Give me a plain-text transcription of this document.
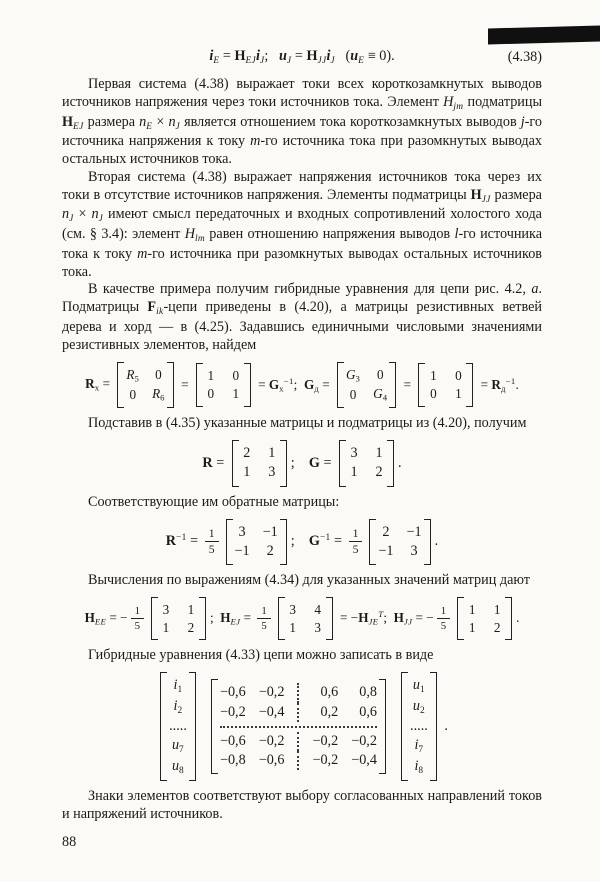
(4.38)
iE = HEJiJ;   uJ = HJJiJ   (uE ≡ 0).

Первая система (4.38) выражает токи всех короткозамкнутых выводов источников напряжения через токи источников тока. Элемент Hjm подматрицы HEJ размера nE × nJ является отношением тока короткозамкнутых выводов j-го источника напряжения к току m-го источника тока при разомкнутых выводах остальных источников тока.

Вторая система (4.38) выражает напряжения источников тока через их токи в отсутствие источников напряжения. Элементы подматрицы HJJ размера nJ × nJ имеют смысл передаточных и входных сопротивлений холостого хода (см. § 3.4): элемент Hlm равен отношению напряжения выводов l-го источника тока к току m-го источника при разомкнутых выводах остальных источников тока.

В качестве примера получим гибридные уравнения для цепи рис. 4.2, а. Подматрицы Fik-цепи приведены в (4.20), а матрицы резистивных ветвей дерева и хорд — в (4.25). Задавшись единичными числовыми значениями резистивных элементов, найдем

Rх =
R5 0
0 R6
=
1 0
0 1
= $Gх^{-1}$;  Gд =
G3 0
0 G4
=
1 0
0 1
= $Rд^{-1}$.

Подставив в (4.35) указанные матрицы и подматрицы из (4.20), получим

R =
2 1
1 3
;    G =
3 1
1 2
.

Соответствующие им обратные матрицы:

$R^{-1} = \frac{1}{5} 3 -1$
−1 2
;    $G^{-1} = \frac{1}{5} 2 -1$
−1 3
.

Вычисления по выражениям (4.34) для указанных значений матриц дают

HEE = − $\frac{1}{5} 3$ 1
1 2
;  HEJ = $\frac{1}{5} 3$ 4
1 3
= $-HJE^T$;  HJJ = − $\frac{1}{5} 1$ 1
1 2
.

Гибридные уравнения (4.33) цепи можно записать в виде

i1
i2
.....
u7
u8

−0,6 −0,2	0,6	0,8
−0,2 −0,4	0,2	0,6
−0,6 −0,2	−0,2 −0,2
−0,8 −0,6	−0,2 −0,4

u1
u2
.....
i7
i8
.

Знаки элементов соответствуют выбору согласованных направлений токов и напряжений источников.

88
